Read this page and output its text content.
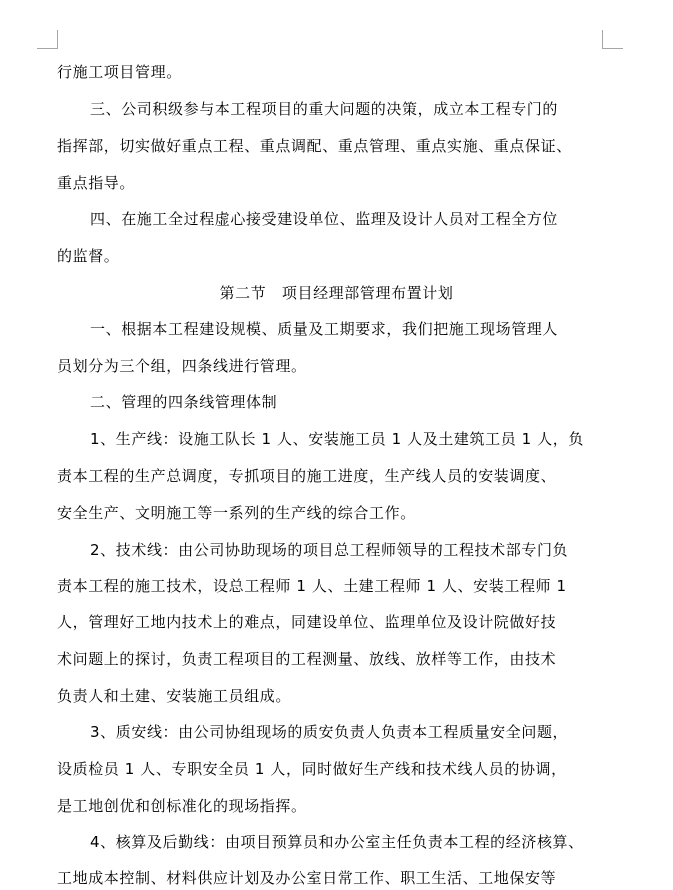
行施工项目管理。
三、公司积级参与本工程项目的重大问题的决策，成立本工程专门的
指挥部，切实做好重点工程、重点调配、重点管理、重点实施、重点保证、
重点指导。
四、在施工全过程虚心接受建设单位、监理及设计人员对工程全方位
的监督。
第二节　项目经理部管理布置计划
一、根据本工程建设规模、质量及工期要求，我们把施工现场管理人
员划分为三个组，四条线进行管理。
二、管理的四条线管理体制
1、生产线：设施工队长 1 人、安装施工员 1 人及土建筑工员 1 人，负
责本工程的生产总调度，专抓项目的施工进度，生产线人员的安装调度、
安全生产、文明施工等一系列的生产线的综合工作。
2、技术线：由公司协助现场的项目总工程师领导的工程技术部专门负
责本工程的施工技术，设总工程师 1 人、土建工程师 1 人、安装工程师 1
人，管理好工地内技术上的难点，同建设单位、监理单位及设计院做好技
术问题上的探讨，负责工程项目的工程测量、放线、放样等工作，由技术
负责人和土建、安装施工员组成。
3、质安线：由公司协组现场的质安负责人负责本工程质量安全问题，
设质检员 1 人、专职安全员 1 人，同时做好生产线和技术线人员的协调，
是工地创优和创标准化的现场指挥。
4、核算及后勤线：由项目预算员和办公室主任负责本工程的经济核算、
工地成本控制、材料供应计划及办公室日常工作、职工生活、工地保安等
